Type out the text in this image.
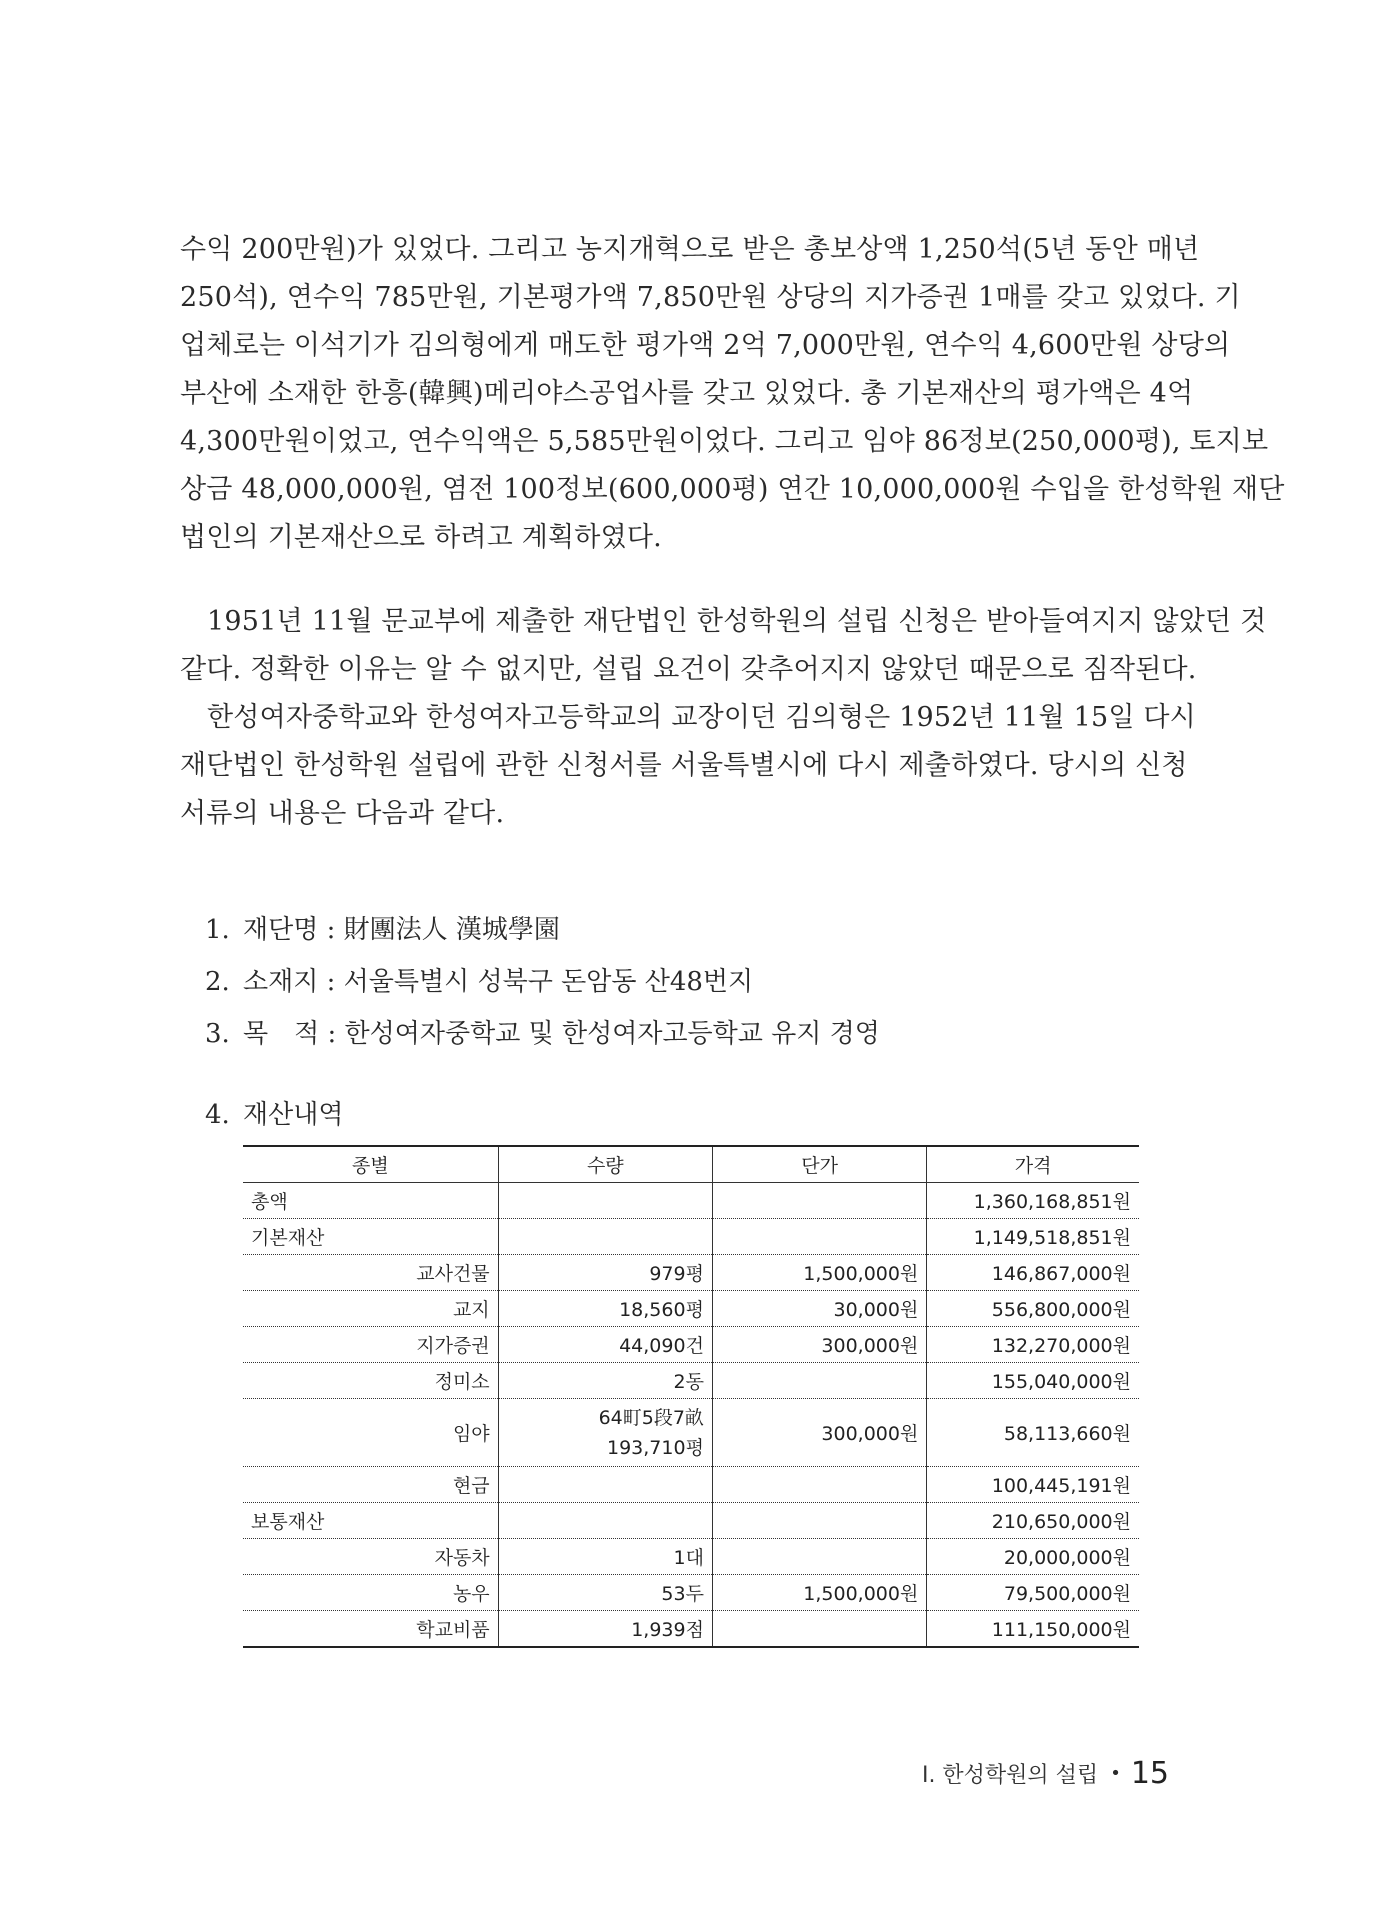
수익 200만원)가 있었다. 그리고 농지개혁으로 받은 총보상액 1,250석(5년 동안 매년
250석), 연수익 785만원, 기본평가액 7,850만원 상당의 지가증권 1매를 갖고 있었다. 기
업체로는 이석기가 김의형에게 매도한 평가액 2억 7,000만원, 연수익 4,600만원 상당의
부산에 소재한 한흥(韓興)메리야스공업사를 갖고 있었다. 총 기본재산의 평가액은 4억
4,300만원이었고, 연수익액은 5,585만원이었다. 그리고 임야 86정보(250,000평), 토지보
상금 48,000,000원, 염전 100정보(600,000평) 연간 10,000,000원 수입을 한성학원 재단
법인의 기본재산으로 하려고 계획하였다.
1951년 11월 문교부에 제출한 재단법인 한성학원의 설립 신청은 받아들여지지 않았던 것
같다. 정확한 이유는 알 수 없지만, 설립 요건이 갖추어지지 않았던 때문으로 짐작된다.
한성여자중학교와 한성여자고등학교의 교장이던 김의형은 1952년 11월 15일 다시
재단법인 한성학원 설립에 관한 신청서를 서울특별시에 다시 제출하였다. 당시의 신청
서류의 내용은 다음과 같다.
1. 재단명 : 財團法人 漢城學園
2. 소재지 : 서울특별시 성북구 돈암동 산48번지
3. 목　적 : 한성여자중학교 및 한성여자고등학교 유지 경영
4. 재산내역
종별	수량	단가	가격
총액			1,360,168,851원
기본재산			1,149,518,851원
교사건물	979평	1,500,000원	146,867,000원
교지	18,560평	30,000원	556,800,000원
지가증권	44,090건	300,000원	132,270,000원
정미소	2동		155,040,000원
임야	64町5段7畝
193,710평	300,000원	58,113,660원
현금			100,445,191원
보통재산			210,650,000원
자동차	1대		20,000,000원
농우	53두	1,500,000원	79,500,000원
학교비품	1,939점		111,150,000원
Ⅰ. 한성학원의 설립 • 15
